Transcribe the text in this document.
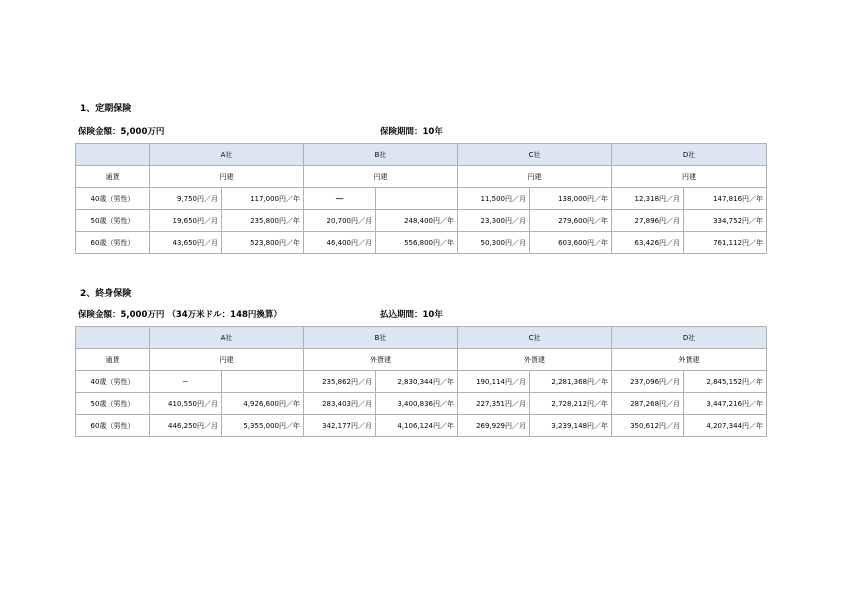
1、定期保険
保険金額：5,000万円	保険期間：10年
	A社		B社		C社		D社	
通貨	円建		円建		円建		円建	
40歳（男性）	9,750円／月	117,000円／年	－		11,500円／月	138,000円／年	12,318円／月	147,816円／年
50歳（男性）	19,650円／月	235,800円／年	20,700円／月	248,400円／年	23,300円／月	279,600円／年	27,896円／月	334,752円／年
60歳（男性）	43,650円／月	523,800円／年	46,400円／月	556,800円／年	50,300円／月	603,600円／年	63,426円／月	761,112円／年
2、終身保険
保険金額：5,000万円 （34万米ドル：148円換算）	払込期間：10年
	A社		B社		C社		D社	
通貨	円建		外貨建		外貨建		外貨建	
40歳（男性）	ー		235,862円／月	2,830,344円／年	190,114円／月	2,281,368円／年	237,096円／月	2,845,152円／年
50歳（男性）	410,550円／月	4,926,600円／年	283,403円／月	3,400,836円／年	227,351円／月	2,728,212円／年	287,268円／月	3,447,216円／年
60歳（男性）	446,250円／月	5,355,000円／年	342,177円／月	4,106,124円／年	269,929円／月	3,239,148円／年	350,612円／月	4,207,344円／年
